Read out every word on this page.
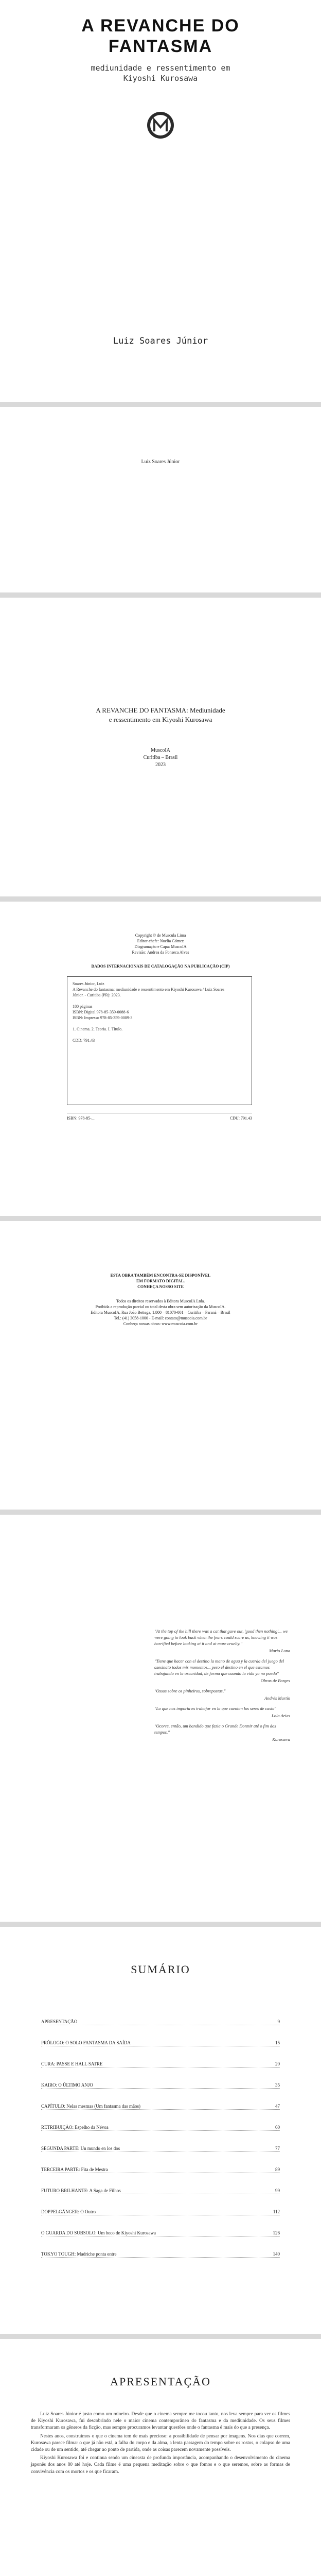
A REVANCHE DO
FANTASMA
mediunidade e ressentimento em
Kiyoshi Kurosawa
Luiz Soares Júnior
Luiz Soares Júnior
A REVANCHE DO FANTASMA: Mediunidade
e ressentimento em Kiyoshi Kurosawa
MuscoIA
Curitiba – Brasil
2023
Copyright © de Muscula Lima
Editor-chefe: Noelia Gómez
Diagramação e Capa: MuscoIA
Revisão: Andrea da Fonseca Alves
DADOS INTERNACIONAIS DE CATALOGAÇÃO NA PUBLICAÇÃO (CIP)
Soares Júnior, Luiz
A Revanche do fantasma: mediunidade e ressentimento em Kiyoshi Kurosawa / Luiz Soares
Júnior. - Curitiba (PR): 2023.
180 páginas
ISBN: Digital 978-85-359-0088-6
ISBN: Impresso 978-85-359-0089-3
1. Cinema. 2. Teoria. I. Título.
CDD: 791.43
ISBN: 978-85-...	CDU: 791.43
ESTA OBRA TAMBÉM ENCONTRA-SE DISPONÍVEL
EM FORMATO DIGITAL.
CONHEÇA NOSSO SITE
Todos os direitos reservados à Editora MuscoIA Ltda.
Proibida a reprodução parcial ou total desta obra sem autorização da MuscoIA.
Editora MuscoIA, Rua João Bettega, 1.800 – 81070-001 – Curitiba – Paraná – Brasil
Tel.: (41) 3058-1000 - E-mail: contato@muscoia.com.br
Conheça nossas obras: www.muscoia.com.br
"At the top of the hill there was a cat that gave out, 'good then nothing'... we were going to look back when the fears could scare us, knowing it was horrified before looking at it and at more cruelty."
Mario Luna
"Tiene que hacer con el destino la mano de agua y la cuerda del juego del asesinato todos mis momentos... pero el destino en el que estamos trabajando en la oscuridad, de forma que cuando la vida ya no pueda"
Obras de Borges
"Ossos sobre os pinheiros, sobrepostas,"
Andrés Martín
"Lo que nos importa es trabajar en la que cuentan los seres de casta"
Lola Arias
"Ocorre, então, um bandido que fazia o Grande Dormir até o fim dos tempos."
Kurosawa
SUMÁRIO
APRESENTAÇÃO	9
PRÓLOGO: O SOLO FANTASMA DA SAÍDA	15
CURA: PASSE E HALL SATRE	20
KAIRO: O ÚLTIMO ANJO	35
CAPÍTULO: Nelas mesmas (Um fantasma das mãos)	47
RETRIBUIÇÃO: Espelho da Névoa	60
SEGUNDA PARTE: Un mundo en los dos	77
TERCEIRA PARTE: Fita de Mestra	89
FUTURO BRILHANTE: A Saga de Filhos	99
DOPPELGÄNGER: O Outro	112
O GUARDA DO SUBSOLO: Um beco de Kiyoshi Kurosawa	126
TOKYO TOUGH: Madriche ponta entre	140
APRESENTAÇÃO

Luiz Soares Júnior é justo como um mineiro. Desde que o cinema sempre me tocou tanto, nos leva sempre para ver os filmes de Kiyoshi Kurosawa, fui descobrindo nele o maior cinema contemporâneo do fantasma e da mediunidade. Os seus filmes transformaram os gêneros da ficção, mas sempre procuramos levantar questões onde o fantasma é mais do que a presença.

Nestes anos, construímos o que o cinema tem de mais precioso: a possibilidade de pensar por imagens. Nos dias que correm, Kurosawa parece filmar o que já não está, a falha do corpo e da alma, a lenta passagem do tempo sobre os rostos, o colapso de uma cidade ou de um sentido, até chegar ao ponto de partida, onde as coisas parecem novamente possíveis.

Kiyoshi Kurosawa foi e continua sendo um cineasta de profunda importância, acompanhando o desenvolvimento do cinema japonês dos anos 80 até hoje. Cada filme é uma pequena meditação sobre o que fomos e o que seremos, sobre as formas de convivência com os mortos e os que ficaram.
